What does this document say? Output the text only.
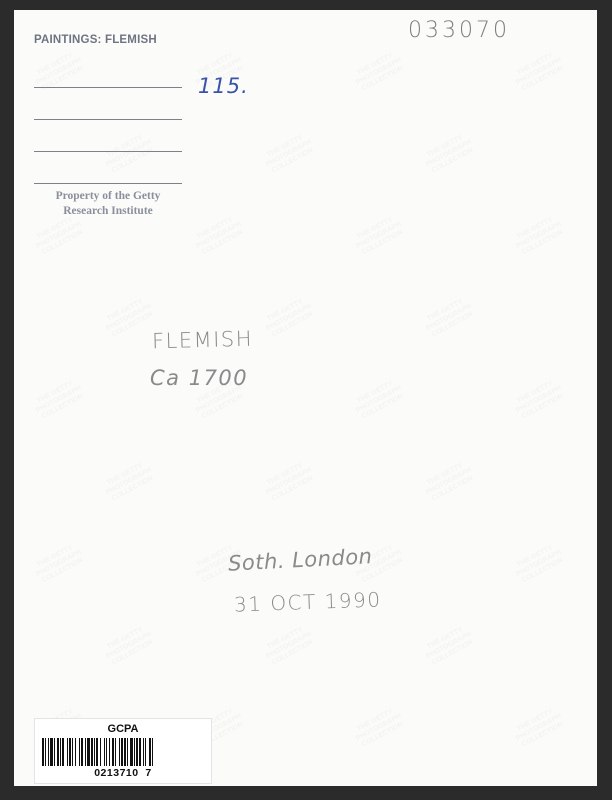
PAINTINGS: FLEMISH
Property of the Getty
Research Institute
033070
115.
FLEMISH
Ca 1700
Soth. London
31 OCT 1990
GCPA
0213710  7
